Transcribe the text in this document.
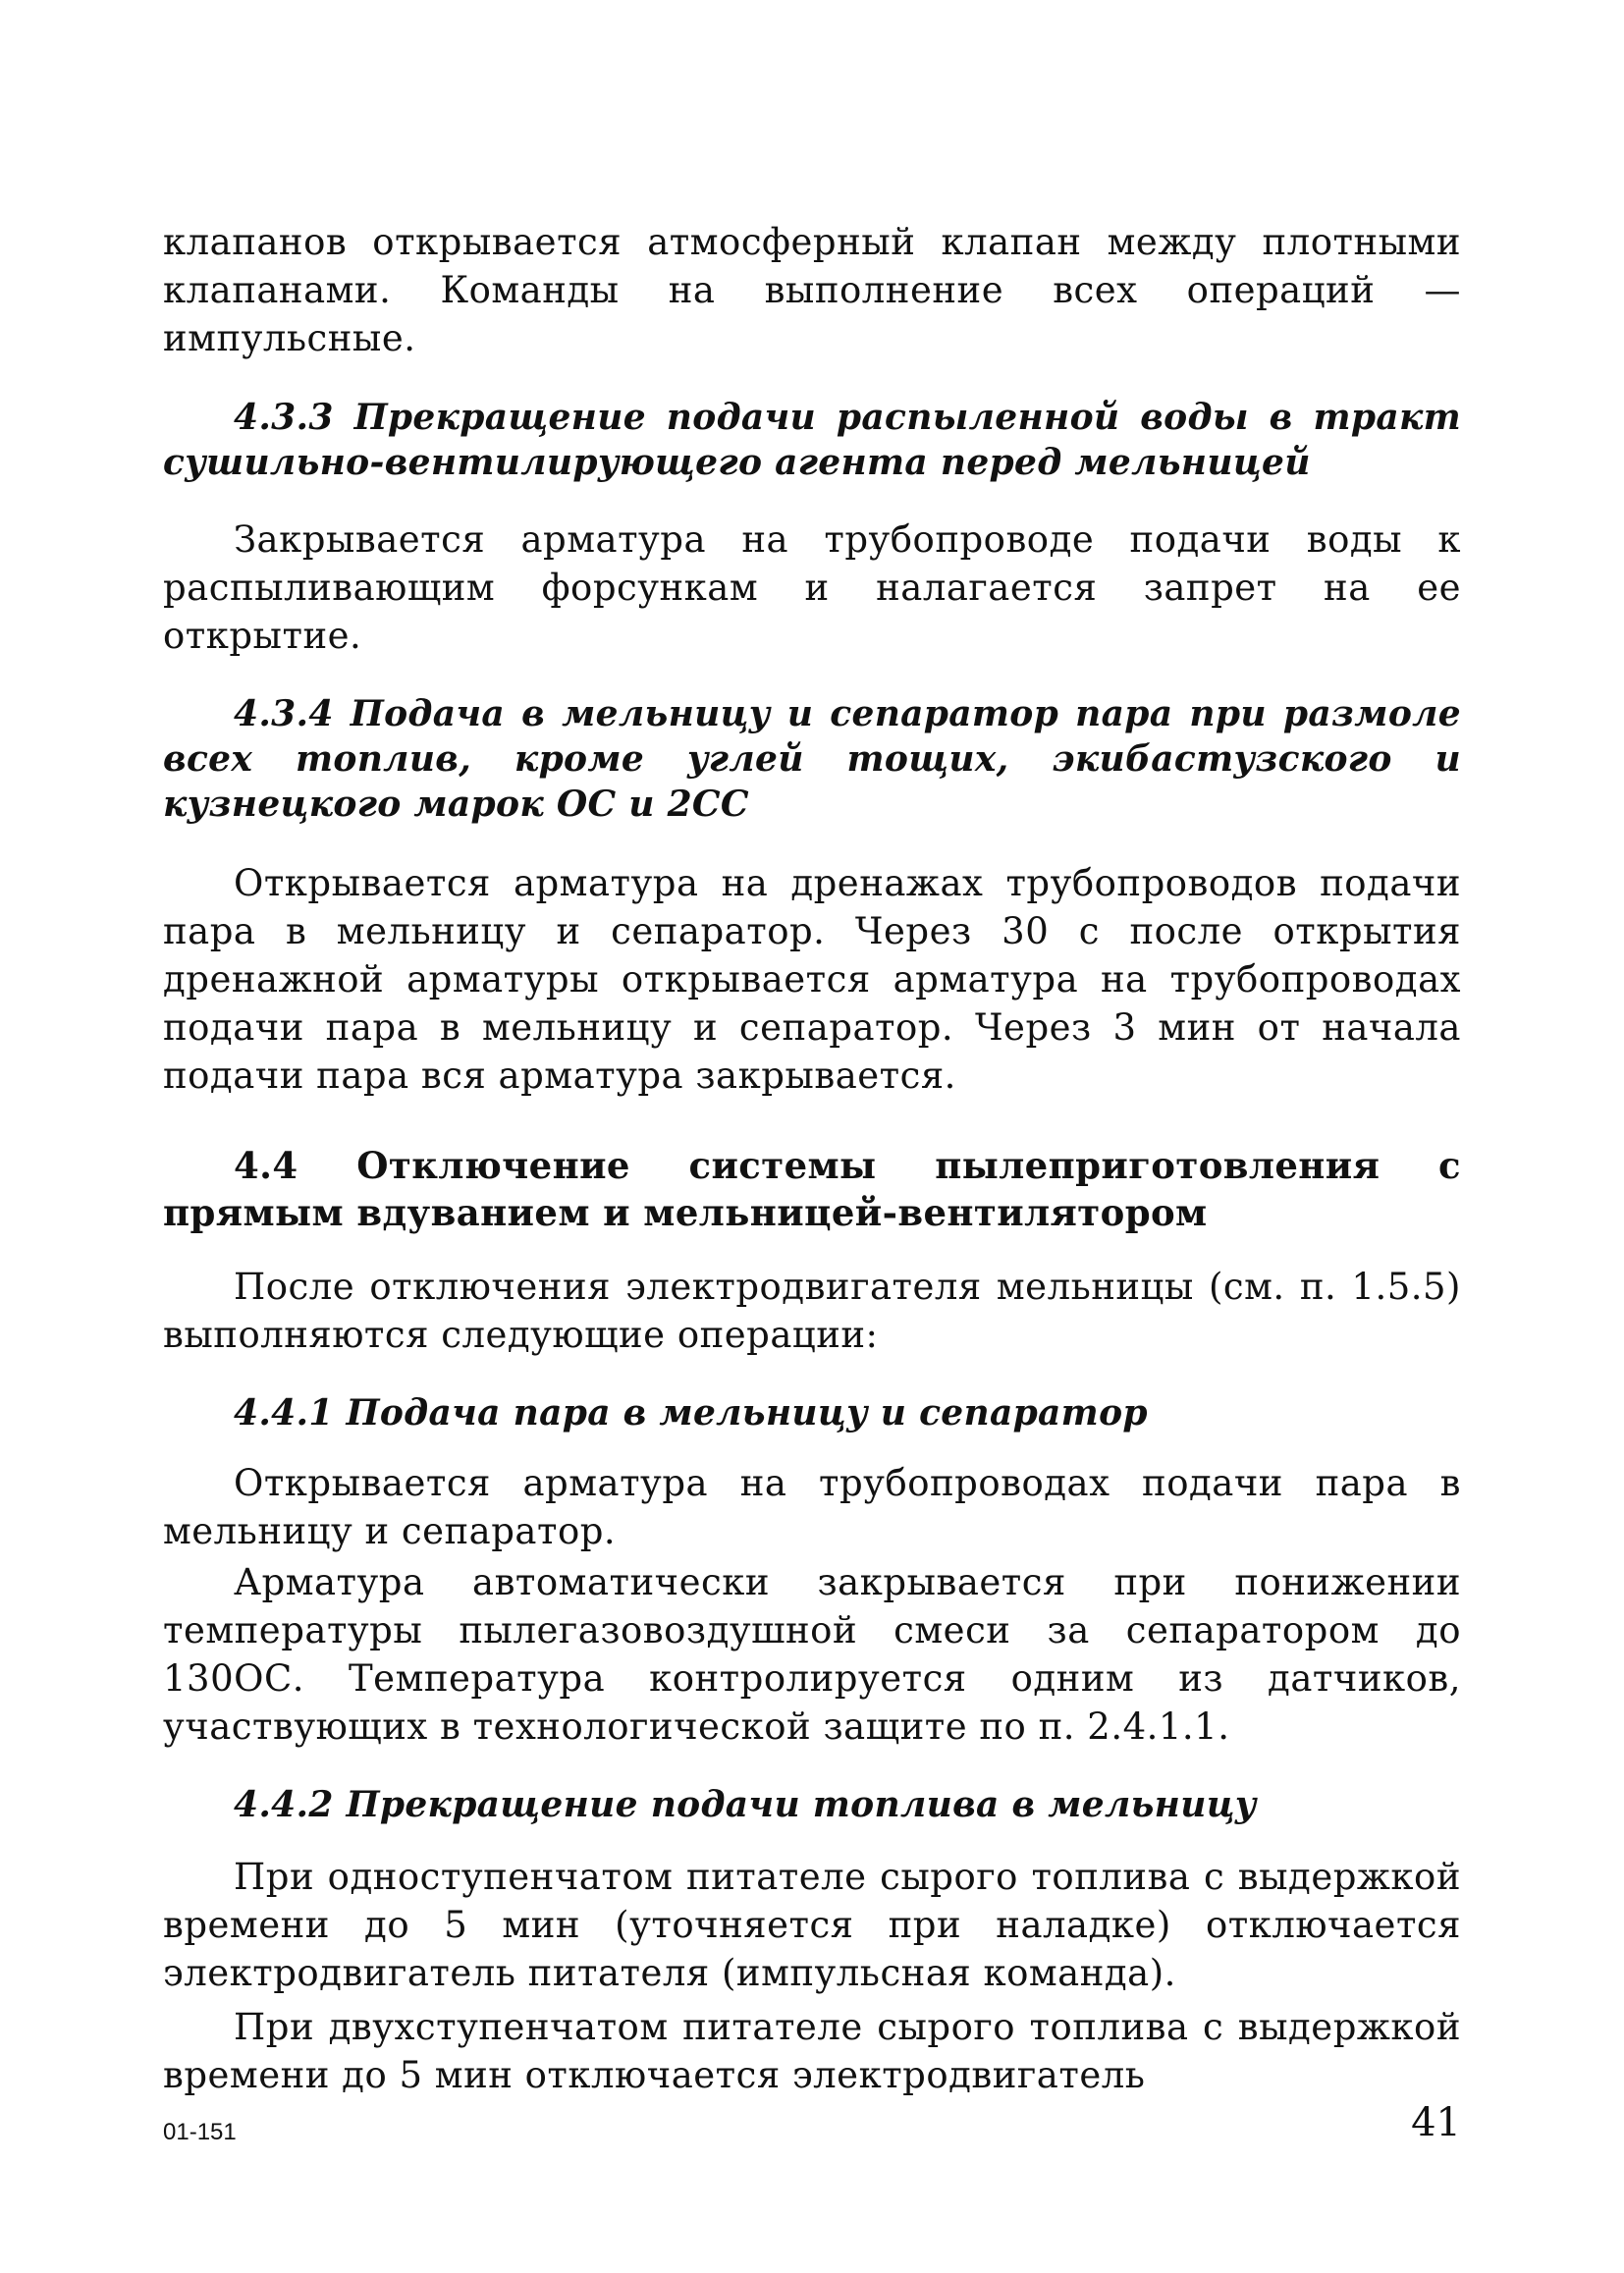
клапанов открывается атмосферный клапан между плотными клапанами. Команды на выполнение всех операций — импульсные.

4.3.3 Прекращение подачи распыленной воды в тракт сушильно-вентилирующего агента перед мельницей

Закрывается арматура на трубопроводе подачи воды к распыливающим форсункам и налагается запрет на ее открытие.

4.3.4 Подача в мельницу и сепаратор пара при размоле всех топлив, кроме углей тощих, экибастузского и кузнецкого марок ОС и 2СС

Открывается арматура на дренажах трубопроводов подачи пара в мельницу и сепаратор. Через 30 с после открытия дренажной арматуры открывается арматура на трубопроводах подачи пара в мельницу и сепаратор. Через 3 мин от начала подачи пара вся арматура закрывается.

4.4 Отключение системы пылеприготовления с прямым вдуванием и мельницей-вентилятором

После отключения электродвигателя мельницы (см. п. 1.5.5) выполняются следующие операции:

4.4.1 Подача пара в мельницу и сепаратор

Открывается арматура на трубопроводах подачи пара в мельницу и сепаратор.

Арматура автоматически закрывается при понижении температуры пылегазовоздушной смеси за сепаратором до 130ОС. Температура контролируется одним из датчиков, участвующих в технологической защите по п. 2.4.1.1.

4.4.2 Прекращение подачи топлива в мельницу

При одноступенчатом питателе сырого топлива с выдержкой времени до 5 мин (уточняется при наладке) отключается электродвигатель питателя (импульсная команда).

При двухступенчатом питателе сырого топлива с выдержкой времени до 5 мин отключается электродвигатель

01-151	41
